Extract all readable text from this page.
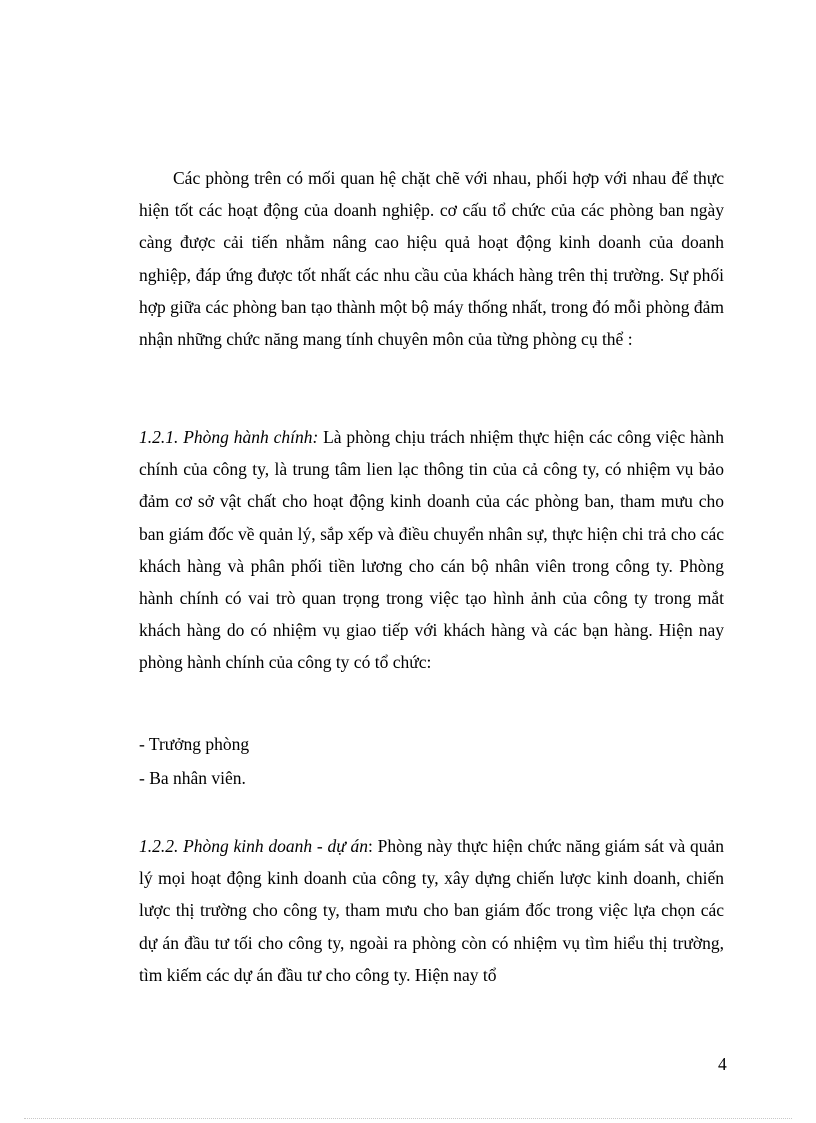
Các phòng trên có mối quan hệ chặt chẽ với nhau, phối hợp với nhau để thực hiện tốt các hoạt động của doanh nghiệp. cơ cấu tổ chức của các phòng ban ngày càng được cải tiến nhằm nâng cao hiệu quả hoạt động kinh doanh của doanh nghiệp, đáp ứng được tốt nhất các nhu cầu của khách hàng trên thị trường. Sự phối hợp giữa các phòng ban tạo thành một bộ máy thống nhất, trong đó mỗi phòng đảm nhận những chức năng mang tính chuyên môn của từng phòng cụ thể :

1.2.1. Phòng hành chính: Là phòng chịu trách nhiệm thực hiện các công việc hành chính của công ty, là trung tâm lien lạc thông tin của cả công ty, có nhiệm vụ bảo đảm cơ sở vật chất cho hoạt động kinh doanh của các phòng ban, tham mưu cho ban giám đốc về quản lý, sắp xếp và điều chuyển nhân sự, thực hiện chi trả cho các khách hàng và phân phối tiền lương cho cán bộ nhân viên trong công ty. Phòng hành chính có vai trò quan trọng trong việc tạo hình ảnh của công ty trong mắt khách hàng do có nhiệm vụ giao tiếp với khách hàng và các bạn hàng. Hiện nay phòng hành chính của công ty có tổ chức:

- Trưởng phòng
- Ba nhân viên.

1.2.2. Phòng kinh doanh - dự án: Phòng này thực hiện chức năng giám sát và quản lý mọi hoạt động kinh doanh của công ty, xây dựng chiến lược kinh doanh, chiến lược thị trường cho công ty, tham mưu cho ban giám đốc trong việc lựa chọn các dự án đầu tư tối cho công ty, ngoài ra phòng còn có nhiệm vụ tìm hiểu thị trường, tìm kiếm các dự án đầu tư cho công ty. Hiện nay tổ

4
